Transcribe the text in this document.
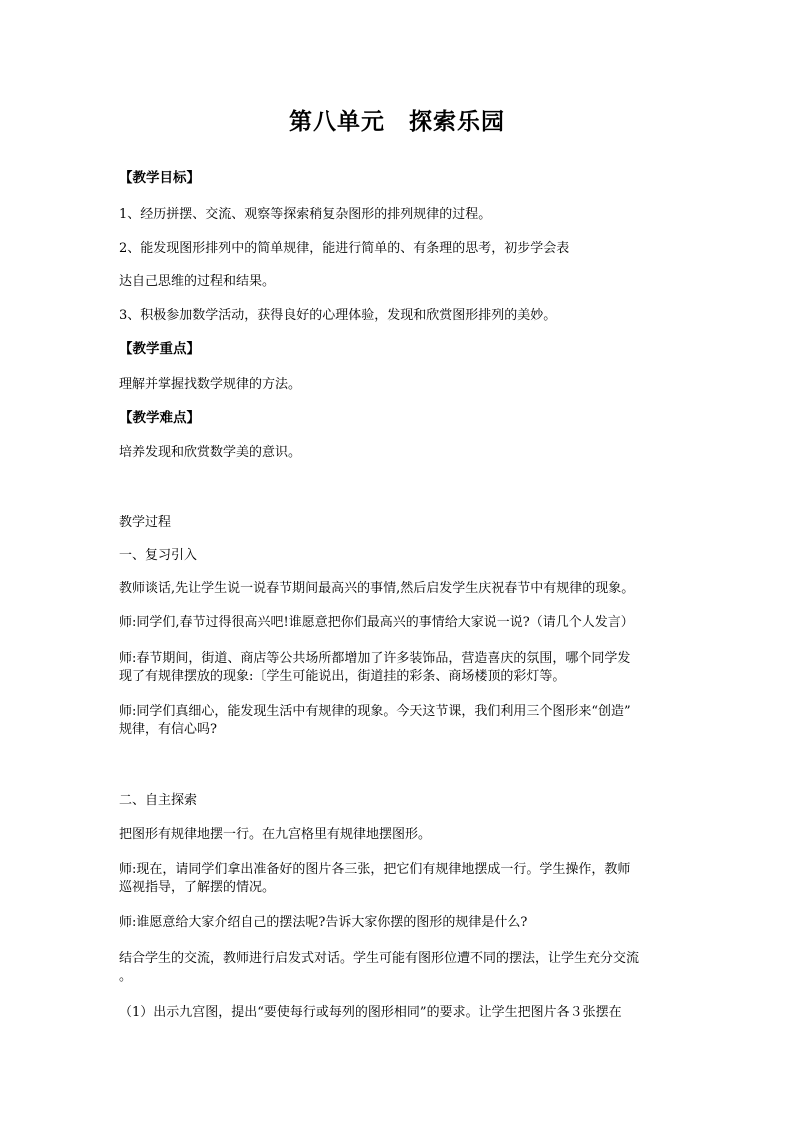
第八单元　探索乐园
【教学目标】
1、经历拼摆、交流、观察等探索稍复杂图形的排列规律的过程。
2、能发现图形排列中的简单规律，能进行简单的、有条理的思考，初步学会表
达自己思维的过程和结果。
3、积极参加数学活动，获得良好的心理体验，发现和欣赏图形排列的美妙。
【教学重点】
理解并掌握找数学规律的方法。
【教学难点】
培养发现和欣赏数学美的意识。
教学过程
一、复习引入
教师谈话,先让学生说一说春节期间最高兴的事情,然后启发学生庆祝春节中有规律的现象。
师:同学们,春节过得很高兴吧!谁愿意把你们最高兴的事情给大家说一说?（请几个人发言）
师:春节期间，街道、商店等公共场所都增加了许多装饰品，营造喜庆的氛围，哪个同学发
现了有规律摆放的现象:〔学生可能说出，街道挂的彩条、商场楼顶的彩灯等。
师:同学们真细心，能发现生活中有规律的现象。今天这节课，我们利用三个图形来“创造”
规律，有信心吗?
二、自主探索
把图形有规律地摆一行。在九宫格里有规律地摆图形。
师:现在，请同学们拿出准备好的图片各三张，把它们有规律地摆成一行。学生操作，教师
巡视指导，了解摆的情况。
师:谁愿意给大家介绍自己的摆法呢?告诉大家你摆的图形的规律是什么?
结合学生的交流，教师进行启发式对话。学生可能有图形位遭不同的摆法，让学生充分交流
。
（1）出示九宫图，提出“要使每行或每列的图形相同”的要求。让学生把图片各３张摆在
